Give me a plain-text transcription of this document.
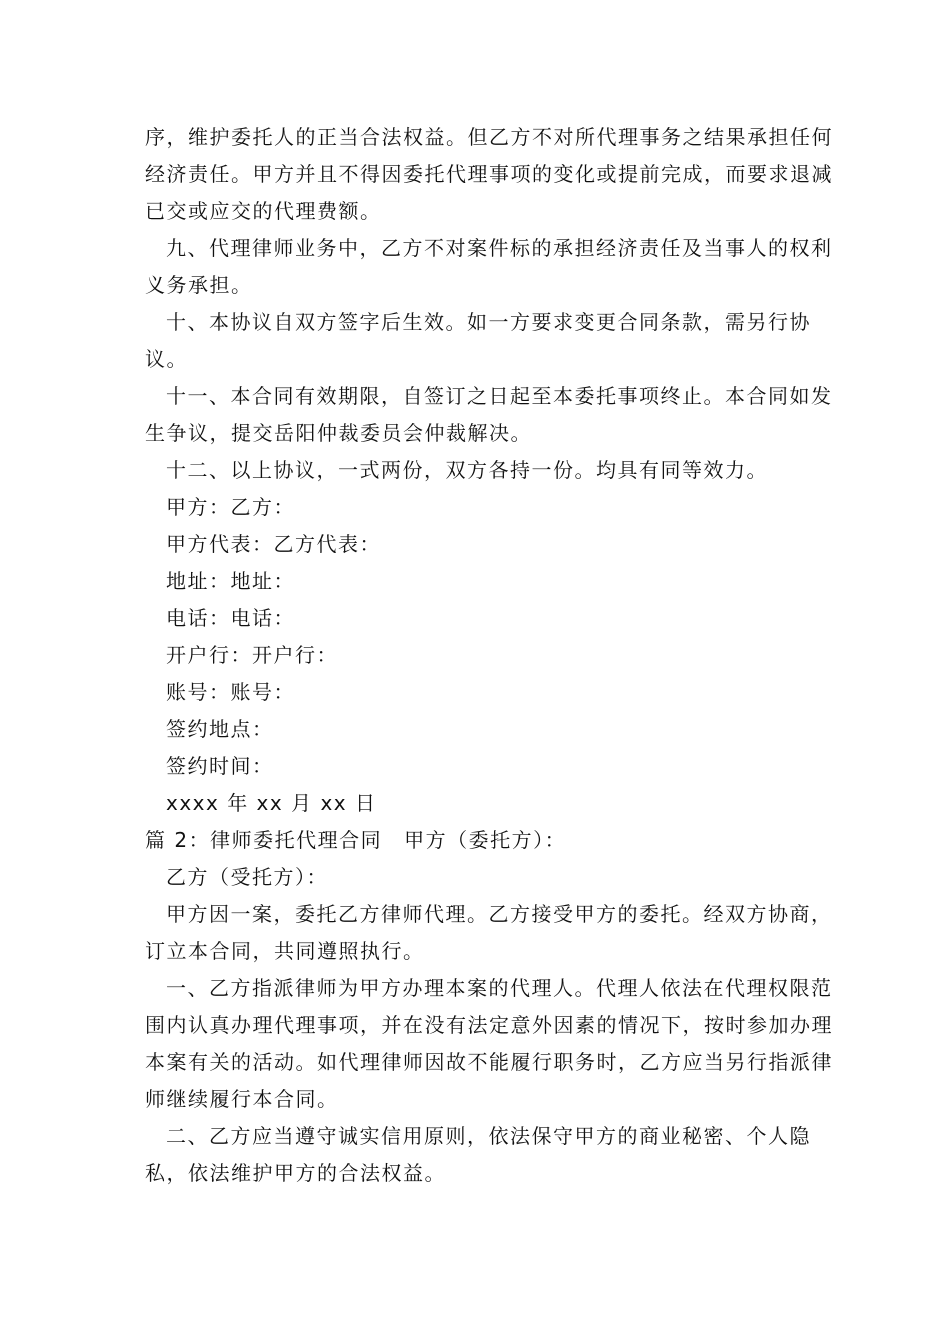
序，维护委托人的正当合法权益。但乙方不对所代理事务之结果承担任何经济责任。甲方并且不得因委托代理事项的变化或提前完成，而要求退减已交或应交的代理费额。

九、代理律师业务中，乙方不对案件标的承担经济责任及当事人的权利义务承担。

十、本协议自双方签字后生效。如一方要求变更合同条款，需另行协议。

十一、本合同有效期限，自签订之日起至本委托事项终止。本合同如发生争议，提交岳阳仲裁委员会仲裁解决。

十二、以上协议，一式两份，双方各持一份。均具有同等效力。

甲方：乙方：

甲方代表：乙方代表：

地址：地址：

电话：电话：

开户行：开户行：

账号：账号：

签约地点：

签约时间：

xxxx 年 xx 月 xx 日

篇 2：律师委托代理合同 甲方（委托方）：

乙方（受托方）：

甲方因一案，委托乙方律师代理。乙方接受甲方的委托。经双方协商，订立本合同，共同遵照执行。

一、乙方指派律师为甲方办理本案的代理人。代理人依法在代理权限范围内认真办理代理事项，并在没有法定意外因素的情况下，按时参加办理本案有关的活动。如代理律师因故不能履行职务时，乙方应当另行指派律师继续履行本合同。

二、乙方应当遵守诚实信用原则，依法保守甲方的商业秘密、个人隐私，依法维护甲方的合法权益。
